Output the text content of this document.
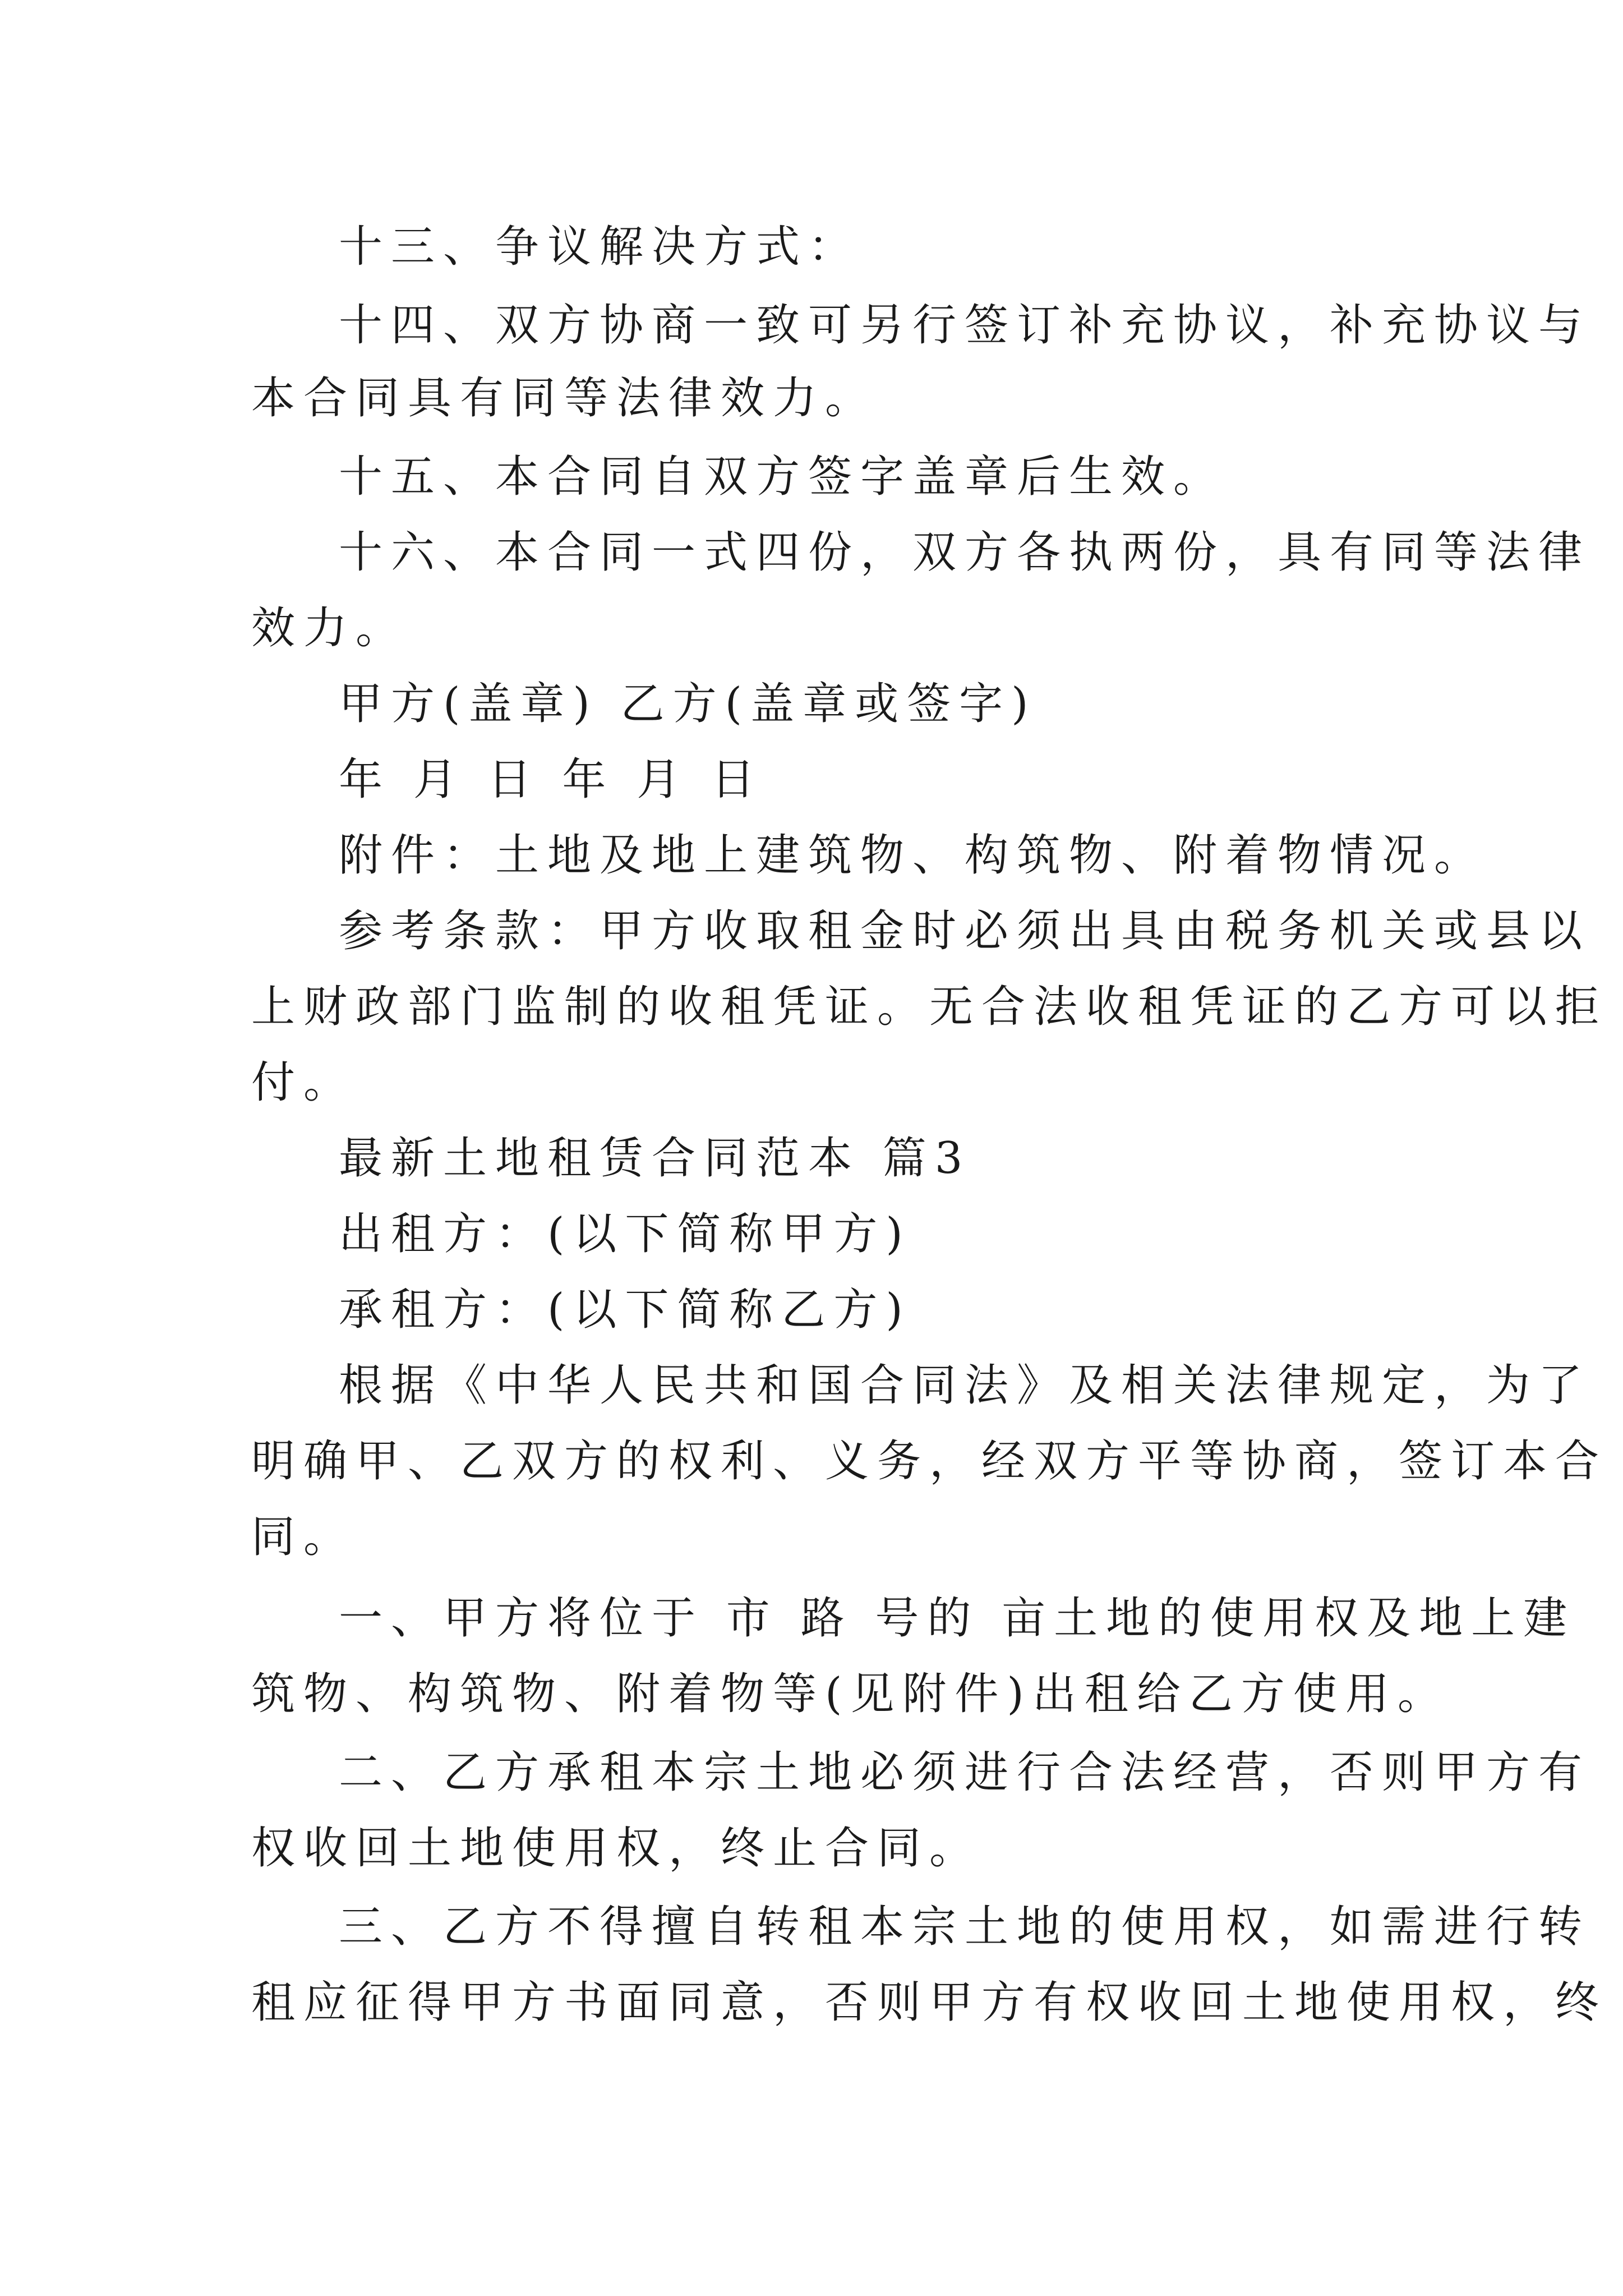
十三、争议解决方式：
十四、双方协商一致可另行签订补充协议，补充协议与
本合同具有同等法律效力。
十五、本合同自双方签字盖章后生效。
十六、本合同一式四份，双方各执两份，具有同等法律
效力。
甲方(盖章) 乙方(盖章或签字)
年 月 日 年 月 日
附件：土地及地上建筑物、构筑物、附着物情况。
参考条款：甲方收取租金时必须出具由税务机关或县以
上财政部门监制的收租凭证。无合法收租凭证的乙方可以拒
付。
最新土地租赁合同范本 篇3
出租方：(以下简称甲方)
承租方：(以下简称乙方)
根据《中华人民共和国合同法》及相关法律规定，为了
明确甲、乙双方的权利、义务，经双方平等协商，签订本合
同。
一、甲方将位于 市 路 号的 亩土地的使用权及地上建
筑物、构筑物、附着物等(见附件)出租给乙方使用。
二、乙方承租本宗土地必须进行合法经营，否则甲方有
权收回土地使用权，终止合同。
三、乙方不得擅自转租本宗土地的使用权，如需进行转
租应征得甲方书面同意，否则甲方有权收回土地使用权，终
